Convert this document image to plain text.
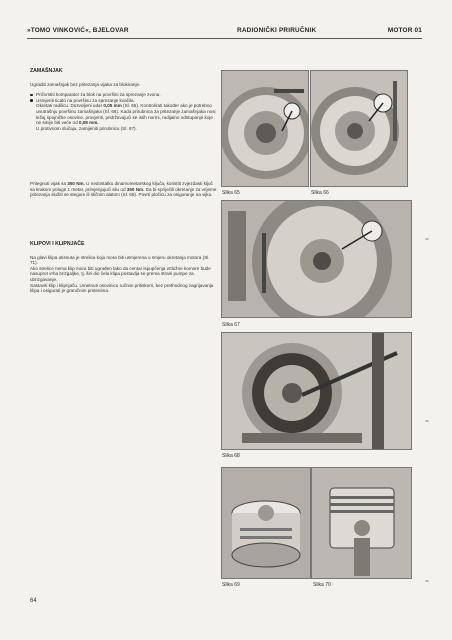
»TOMO VINKOVIĆ«, BJELOVAR	RADIONIČKI PRIRUČNIK	MOTOR 01
ZAMAŠNJAK
Ugraditi zamašnjak bez pritezanja vijaka za blokiranje.
Pričvrstiti komparator za blok na površini za sprezanje zvona.
Usmjeriti ticalo na površinu za sprezanje kvačila.
Okretati radilicu. Dozvoljeni udar 0,05 mm (Sl. 65). Kontrolirati također ako je potrebno unutrašnju površinu zamašnjaka (Sl. 66). Kada prirubnica za pritezanje zamašnjaka nosi ležaj spojničke osovine, provjeriti, pridržavajući se istih normi, radijalno odstupanje koje ne smije biti veće od 0,08 mm.
U protivnom slučaju, zamijeniti prirubnicu (Sl. 67).
Pritegnuti vijak sa 350 Nm. U nedostatku dinamometarskog ključa, koristiti zvjezdasti ključ sa krakom poluge 1 metar, primjenjujući silu od 350 Nm. Da bi spriječili okretanje za vrijeme pritezanja služiti se stegom ili sličnim alatom (Sl. 68). Povrti pločicu za osiguranje na vijku.
KLIPOVI I KLIPNJAČE
Na glavi klipa utisnuta je strelica koja mora biti usmjerena u smjeru okretanja motora (Sl. 71).
Ako strelice nema klip mora biti ugrađen tako da centar ispupčenja vrtložne komore bude nasuprot vrha brizgaljke, tj. širi dio čela klipa postavlja se prema strani pumpe za ubrizgavanje.
Sastaviti klip i klipnjaču. Umetnuti osovinicu ručnim pritiskom, bez prethodnog zagrijavanja klipa i osigurati je graničnim prstenima.
Slika 65	Slika 66
Slika 67
Slika 68
Slika 69	Slika 70
64
